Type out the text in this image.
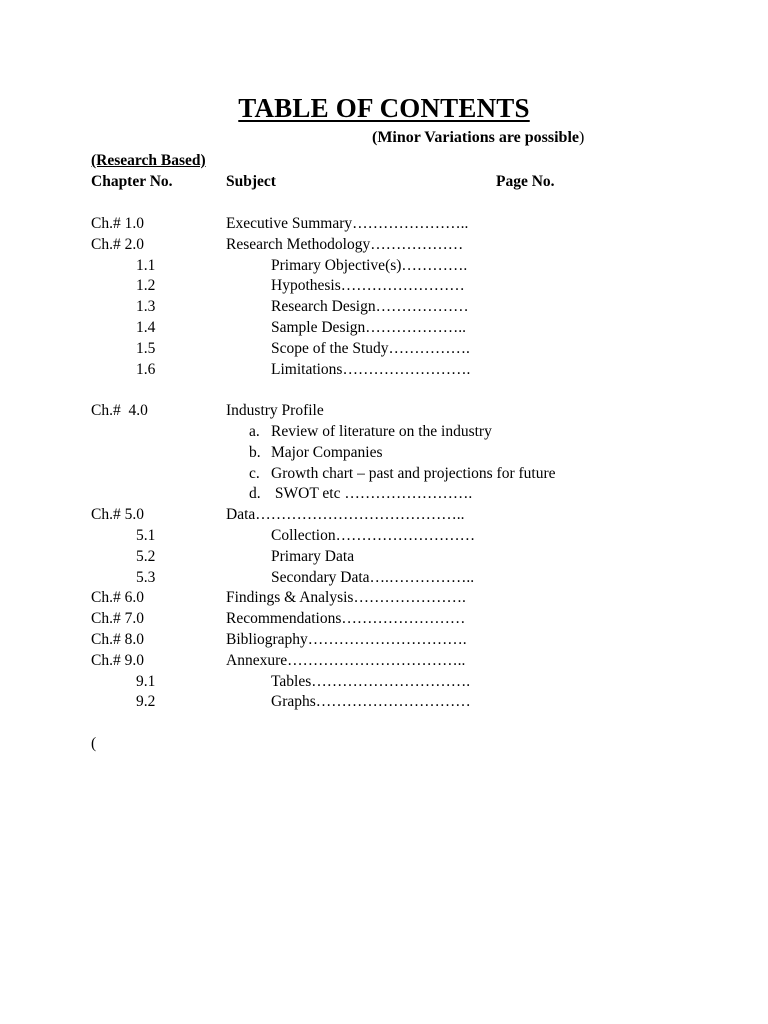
TABLE OF CONTENTS
(Minor Variations are possible)
(Research Based)
Chapter No.	Subject	Page No.
Ch.# 1.0	Executive Summary…………………..
Ch.# 2.0	Research Methodology………………
1.1	Primary Objective(s)………….
1.2	Hypothesis……………………
1.3	Research Design………………
1.4	Sample Design………………..
1.5	Scope of the Study…………….
1.6	Limitations…………………….
Ch.#  4.0	Industry Profile
a. Review of literature on the industry
b. Major Companies
c. Growth chart – past and projections for future
d. SWOT etc …………………….
Ch.# 5.0	Data…………………………………..
5.1	Collection………………………
5.2	Primary Data
5.3	Secondary Data….……………..
Ch.# 6.0	Findings & Analysis………………….
Ch.# 7.0	Recommendations……………………
Ch.# 8.0	Bibliography………………………….
Ch.# 9.0	Annexure……………………………..
9.1	Tables………………………….
9.2	Graphs…………………………
(
